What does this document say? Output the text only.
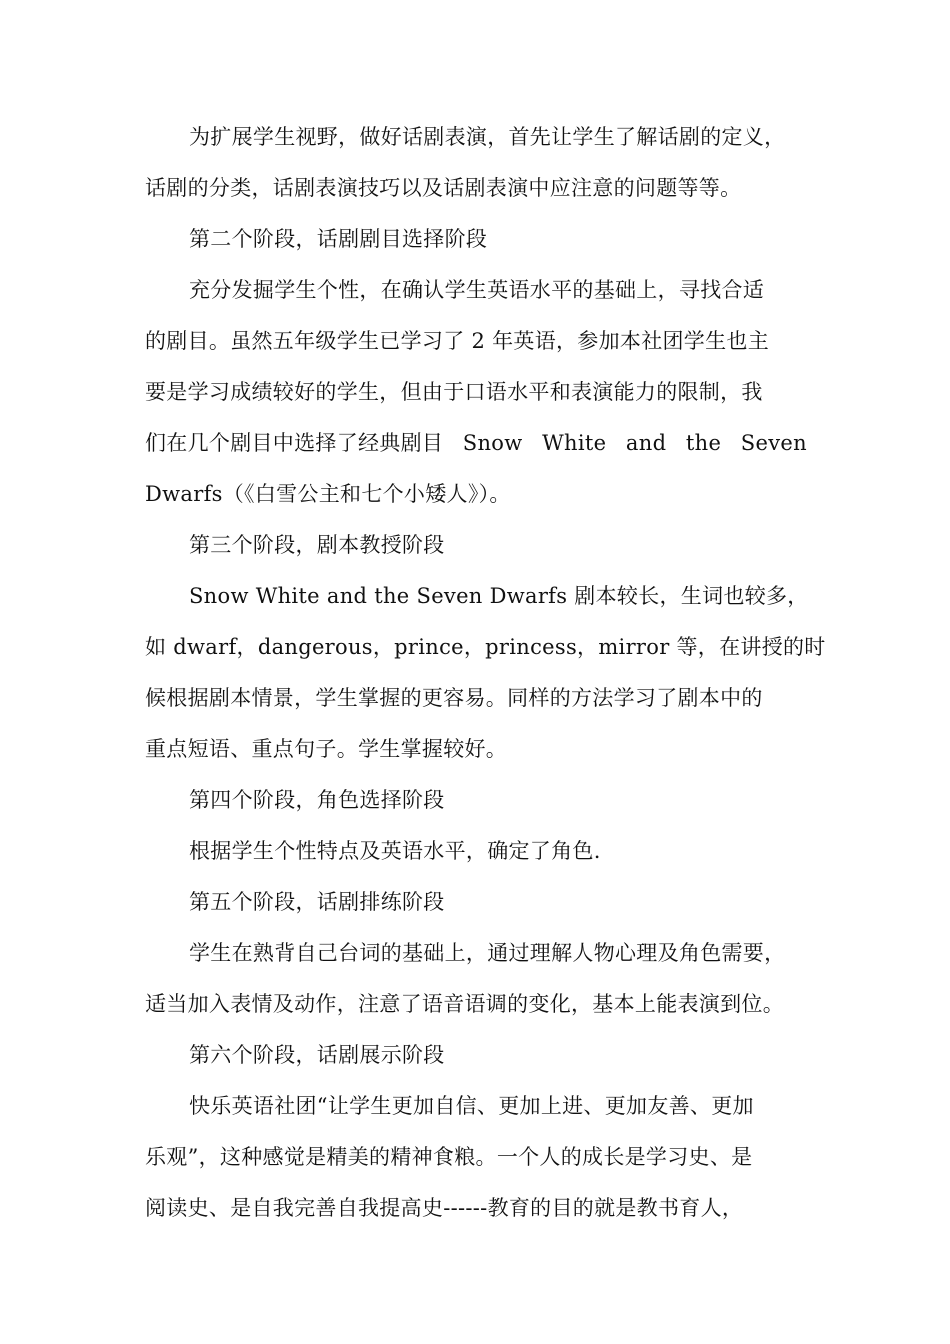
为扩展学生视野，做好话剧表演，首先让学生了解话剧的定义，
话剧的分类，话剧表演技巧以及话剧表演中应注意的问题等等。
第二个阶段，话剧剧目选择阶段
充分发掘学生个性，在确认学生英语水平的基础上，寻找合适
的剧目。虽然五年级学生已学习了 2 年英语，参加本社团学生也主
要是学习成绩较好的学生，但由于口语水平和表演能力的限制，我
们在几个剧目中选择了经典剧目 Snow White and the Seven
Dwarfs（《白雪公主和七个小矮人》）。
第三个阶段，剧本教授阶段
Snow White and the Seven Dwarfs 剧本较长，生词也较多，
如 dwarf，dangerous，prince，princess，mirror 等，在讲授的时
候根据剧本情景，学生掌握的更容易。同样的方法学习了剧本中的
重点短语、重点句子。学生掌握较好。
第四个阶段，角色选择阶段
根据学生个性特点及英语水平，确定了角色.
第五个阶段，话剧排练阶段
学生在熟背自己台词的基础上，通过理解人物心理及角色需要，
适当加入表情及动作，注意了语音语调的变化，基本上能表演到位。
第六个阶段，话剧展示阶段
快乐英语社团“让学生更加自信、更加上进、更加友善、更加
乐观”，这种感觉是精美的精神食粮。一个人的成长是学习史、是
阅读史、是自我完善自我提高史------教育的目的就是教书育人，
